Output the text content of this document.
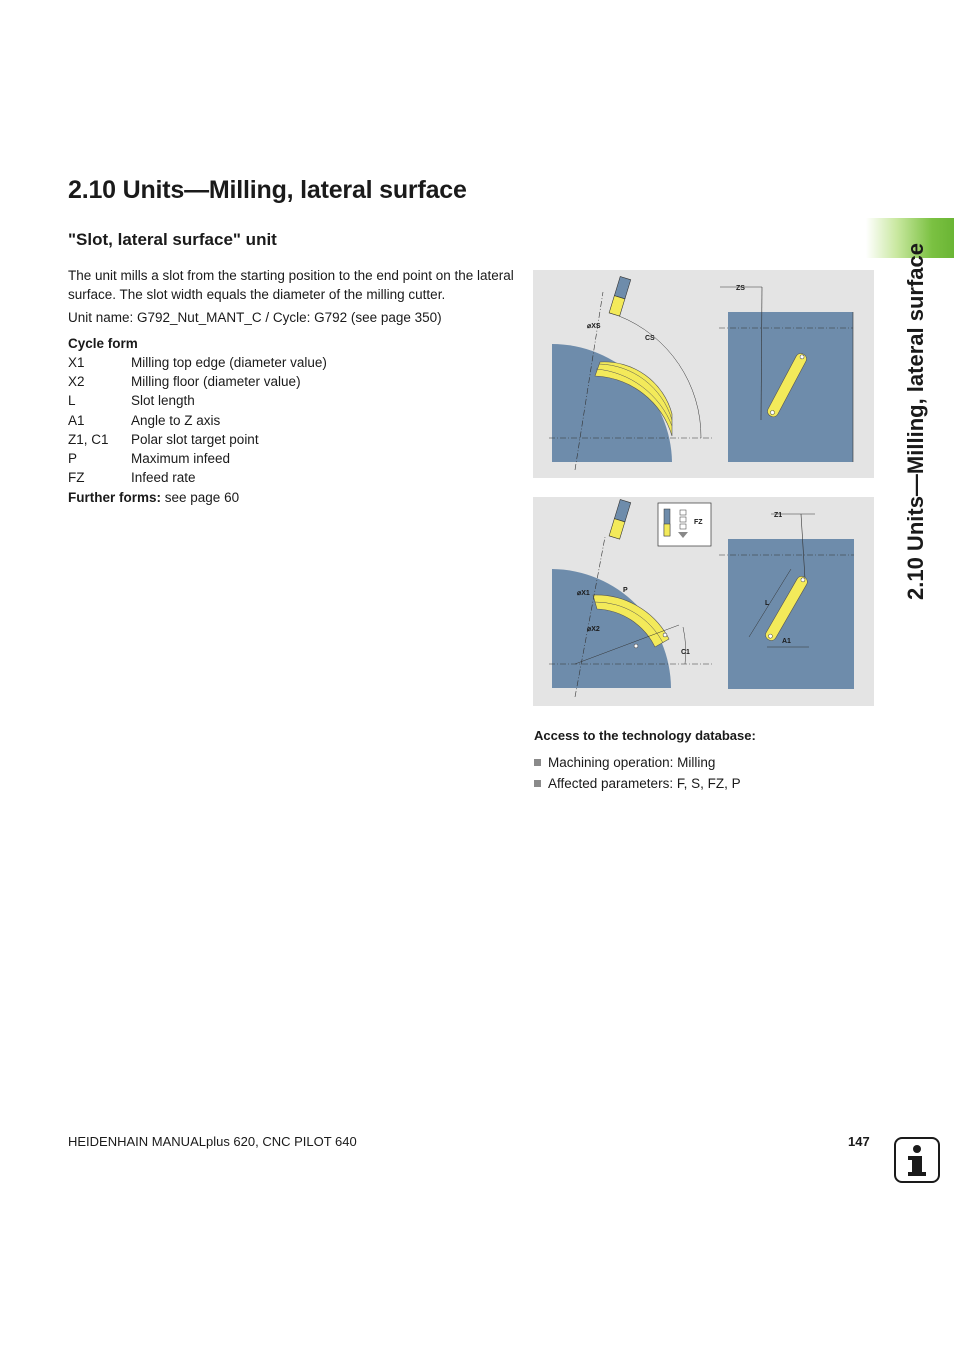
2.10 Units—Milling, lateral surface
2.10 Units—Milling, lateral surface
"Slot, lateral surface" unit

The unit mills a slot from the starting position to the end point on the lateral surface. The slot width equals the diameter of the milling cutter.

Unit name: G792_Nut_MANT_C / Cycle: G792 (see page 350)

Cycle form

X1	Milling top edge (diameter value)
X2	Milling floor (diameter value)
L	Slot length
A1	Angle to Z axis
Z1, C1	Polar slot target point
P	Maximum infeed
FZ	Infeed rate

Further forms: see page 60

⌀XS
CS
ZS
⌀X1
⌀X2
P
C1
FZ
Z1
L
A1

Access to the technology database:

Machining operation: Milling
Affected parameters: F, S, FZ, P

HEIDENHAIN MANUALplus 620, CNC PILOT 640	147
